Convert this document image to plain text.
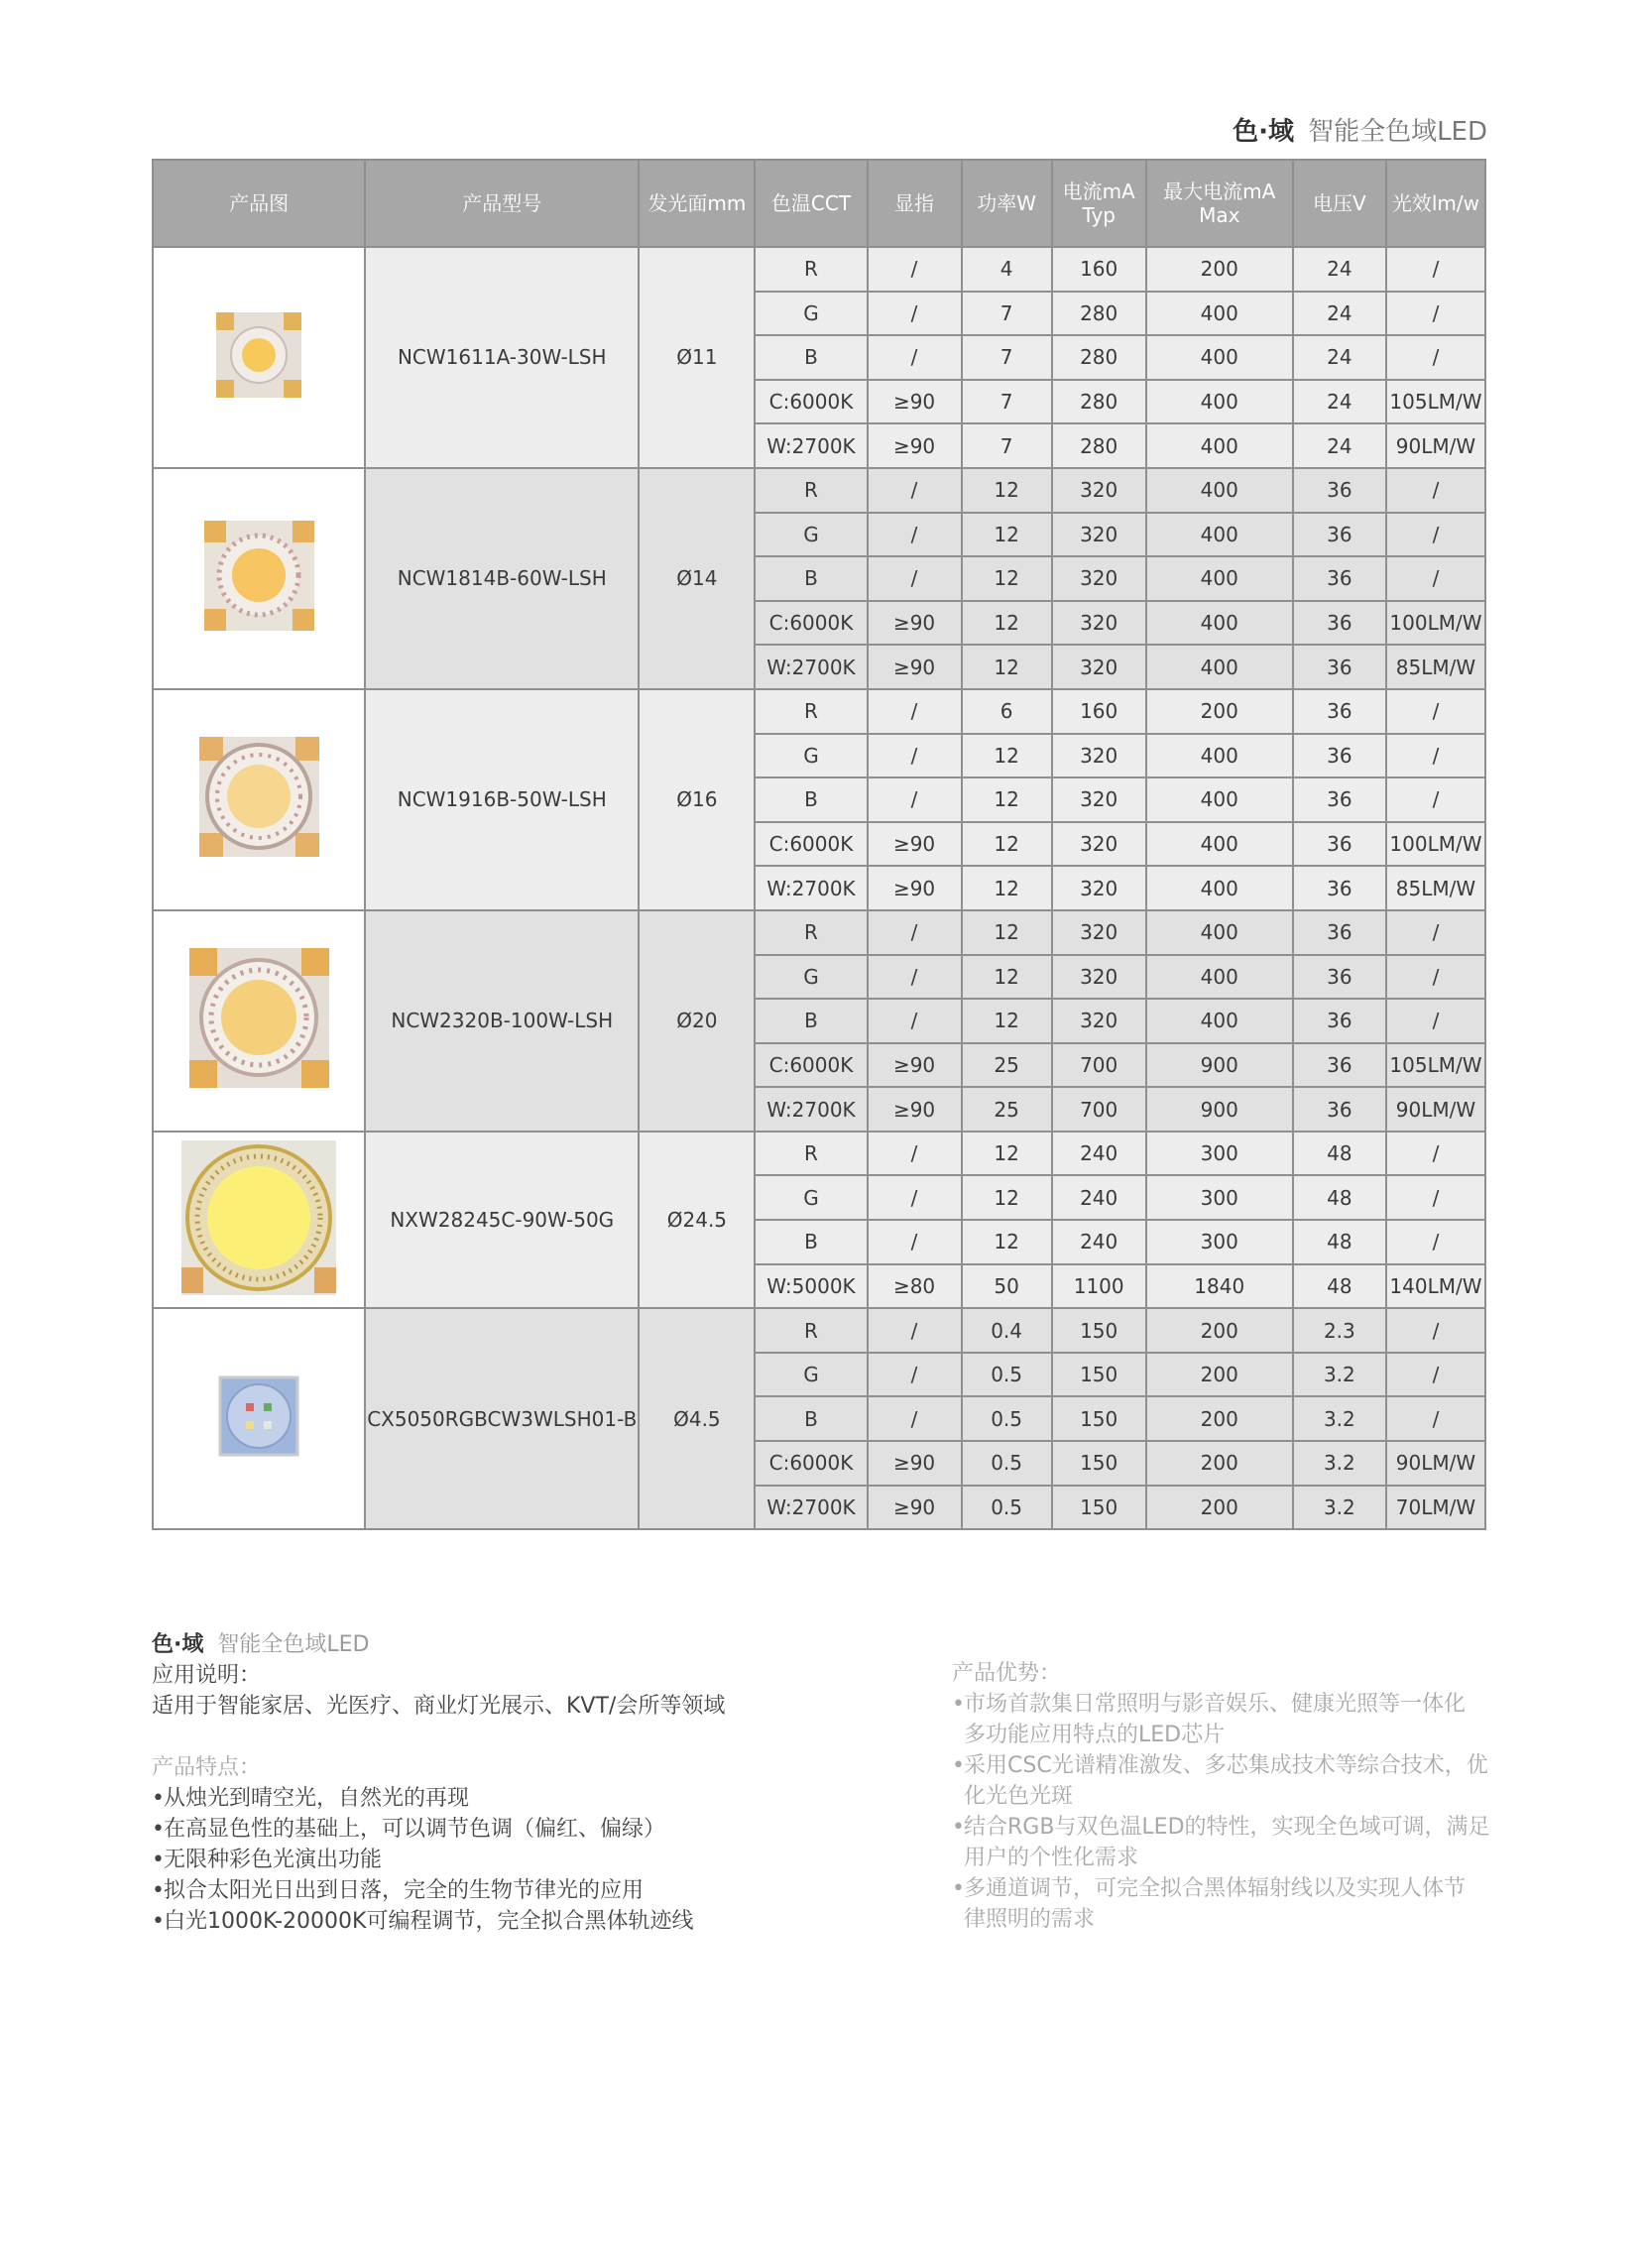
色·域 智能全色域LED
产品图	产品型号	发光面mm	色温CCT	显指	功率W	电流mA Typ	最大电流mA Max	电压V	光效lm/w

	NCW1611A-30W-LSH	Ø11	R	/	4	160	200	24	/
			G	/	7	280	400	24	/
			B	/	7	280	400	24	/
			C:6000K	≥90	7	280	400	24	105LM/W
			W:2700K	≥90	7	280	400	24	90LM/W

	NCW1814B-60W-LSH	Ø14	R	/	12	320	400	36	/
			G	/	12	320	400	36	/
			B	/	12	320	400	36	/
			C:6000K	≥90	12	320	400	36	100LM/W
			W:2700K	≥90	12	320	400	36	85LM/W

	NCW1916B-50W-LSH	Ø16	R	/	6	160	200	36	/
			G	/	12	320	400	36	/
			B	/	12	320	400	36	/
			C:6000K	≥90	12	320	400	36	100LM/W
			W:2700K	≥90	12	320	400	36	85LM/W

	NCW2320B-100W-LSH	Ø20	R	/	12	320	400	36	/
			G	/	12	320	400	36	/
			B	/	12	320	400	36	/
			C:6000K	≥90	25	700	900	36	105LM/W
			W:2700K	≥90	25	700	900	36	90LM/W

	NXW28245C-90W-50G	Ø24.5	R	/	12	240	300	48	/
			G	/	12	240	300	48	/
			B	/	12	240	300	48	/
			W:5000K	≥80	50	1100	1840	48	140LM/W

	CX5050RGBCW3WLSH01-B	Ø4.5	R	/	0.4	150	200	2.3	/
			G	/	0.5	150	200	3.2	/
			B	/	0.5	150	200	3.2	/
			C:6000K	≥90	0.5	150	200	3.2	90LM/W
			W:2700K	≥90	0.5	150	200	3.2	70LM/W
色·域 智能全色域LED
应用说明：
适用于智能家居、光医疗、商业灯光展示、KVT/会所等领域
产品特点：
• 从烛光到晴空光，自然光的再现
• 在高显色性的基础上，可以调节色调（偏红、偏绿）
• 无限种彩色光演出功能
• 拟合太阳光日出到日落，完全的生物节律光的应用
• 白光1000K-20000K可编程调节，完全拟合黑体轨迹线
产品优势：
• 市场首款集日常照明与影音娱乐、健康光照等一体化
多功能应用特点的LED芯片
• 采用CSC光谱精准激发、多芯集成技术等综合技术，优
化光色光斑
• 结合RGB与双色温LED的特性，实现全色域可调，满足
用户的个性化需求
• 多通道调节，可完全拟合黑体辐射线以及实现人体节
律照明的需求
